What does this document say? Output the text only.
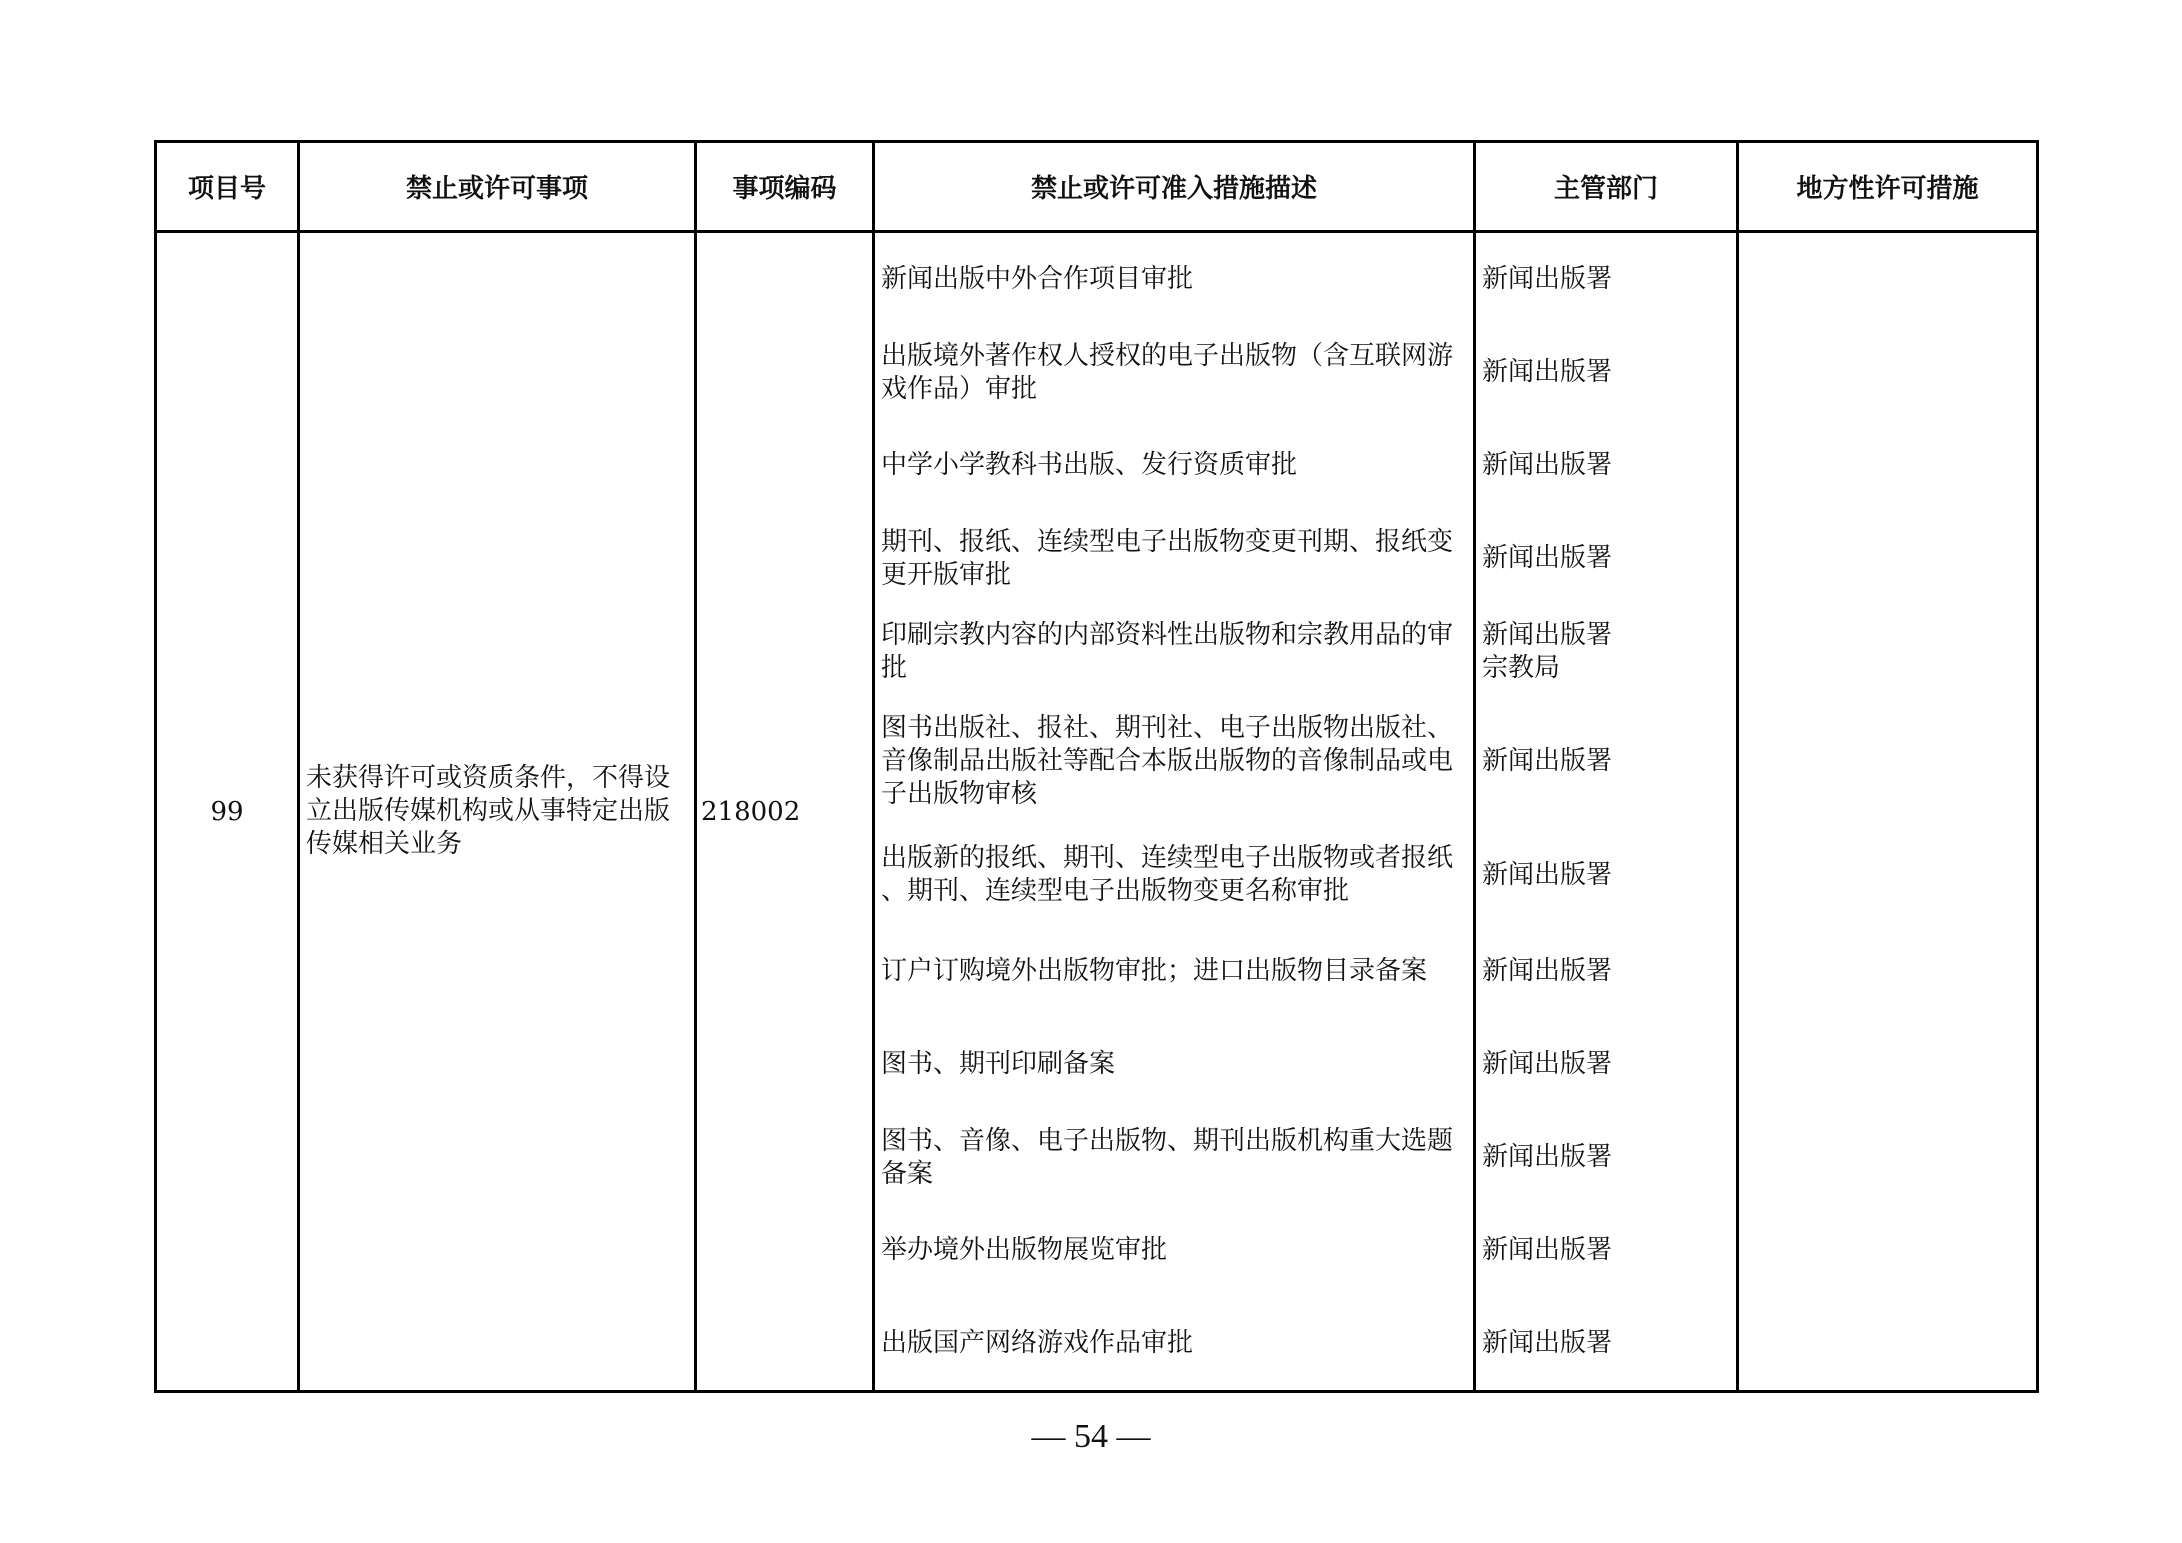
项目号	禁止或许可事项	事项编码	禁止或许可准入措施描述	主管部门	地方性许可措施
99	未获得许可或资质条件，不得设立出版传媒机构或从事特定出版传媒相关业务	218002	新闻出版中外合作项目审批	新闻出版署	
			出版境外著作权人授权的电子出版物（含互联网游
戏作品）审批	新闻出版署	
			中学小学教科书出版、发行资质审批	新闻出版署	
			期刊、报纸、连续型电子出版物变更刊期、报纸变
更开版审批	新闻出版署	
			印刷宗教内容的内部资料性出版物和宗教用品的审
批	新闻出版署
宗教局	
			图书出版社、报社、期刊社、电子出版物出版社、
音像制品出版社等配合本版出版物的音像制品或电
子出版物审核	新闻出版署	
			出版新的报纸、期刊、连续型电子出版物或者报纸
、期刊、连续型电子出版物变更名称审批	新闻出版署	
			订户订购境外出版物审批；进口出版物目录备案	新闻出版署	
			图书、期刊印刷备案	新闻出版署	
			图书、音像、电子出版物、期刊出版机构重大选题
备案	新闻出版署	
			举办境外出版物展览审批	新闻出版署	
			出版国产网络游戏作品审批	新闻出版署	
— 54 —
